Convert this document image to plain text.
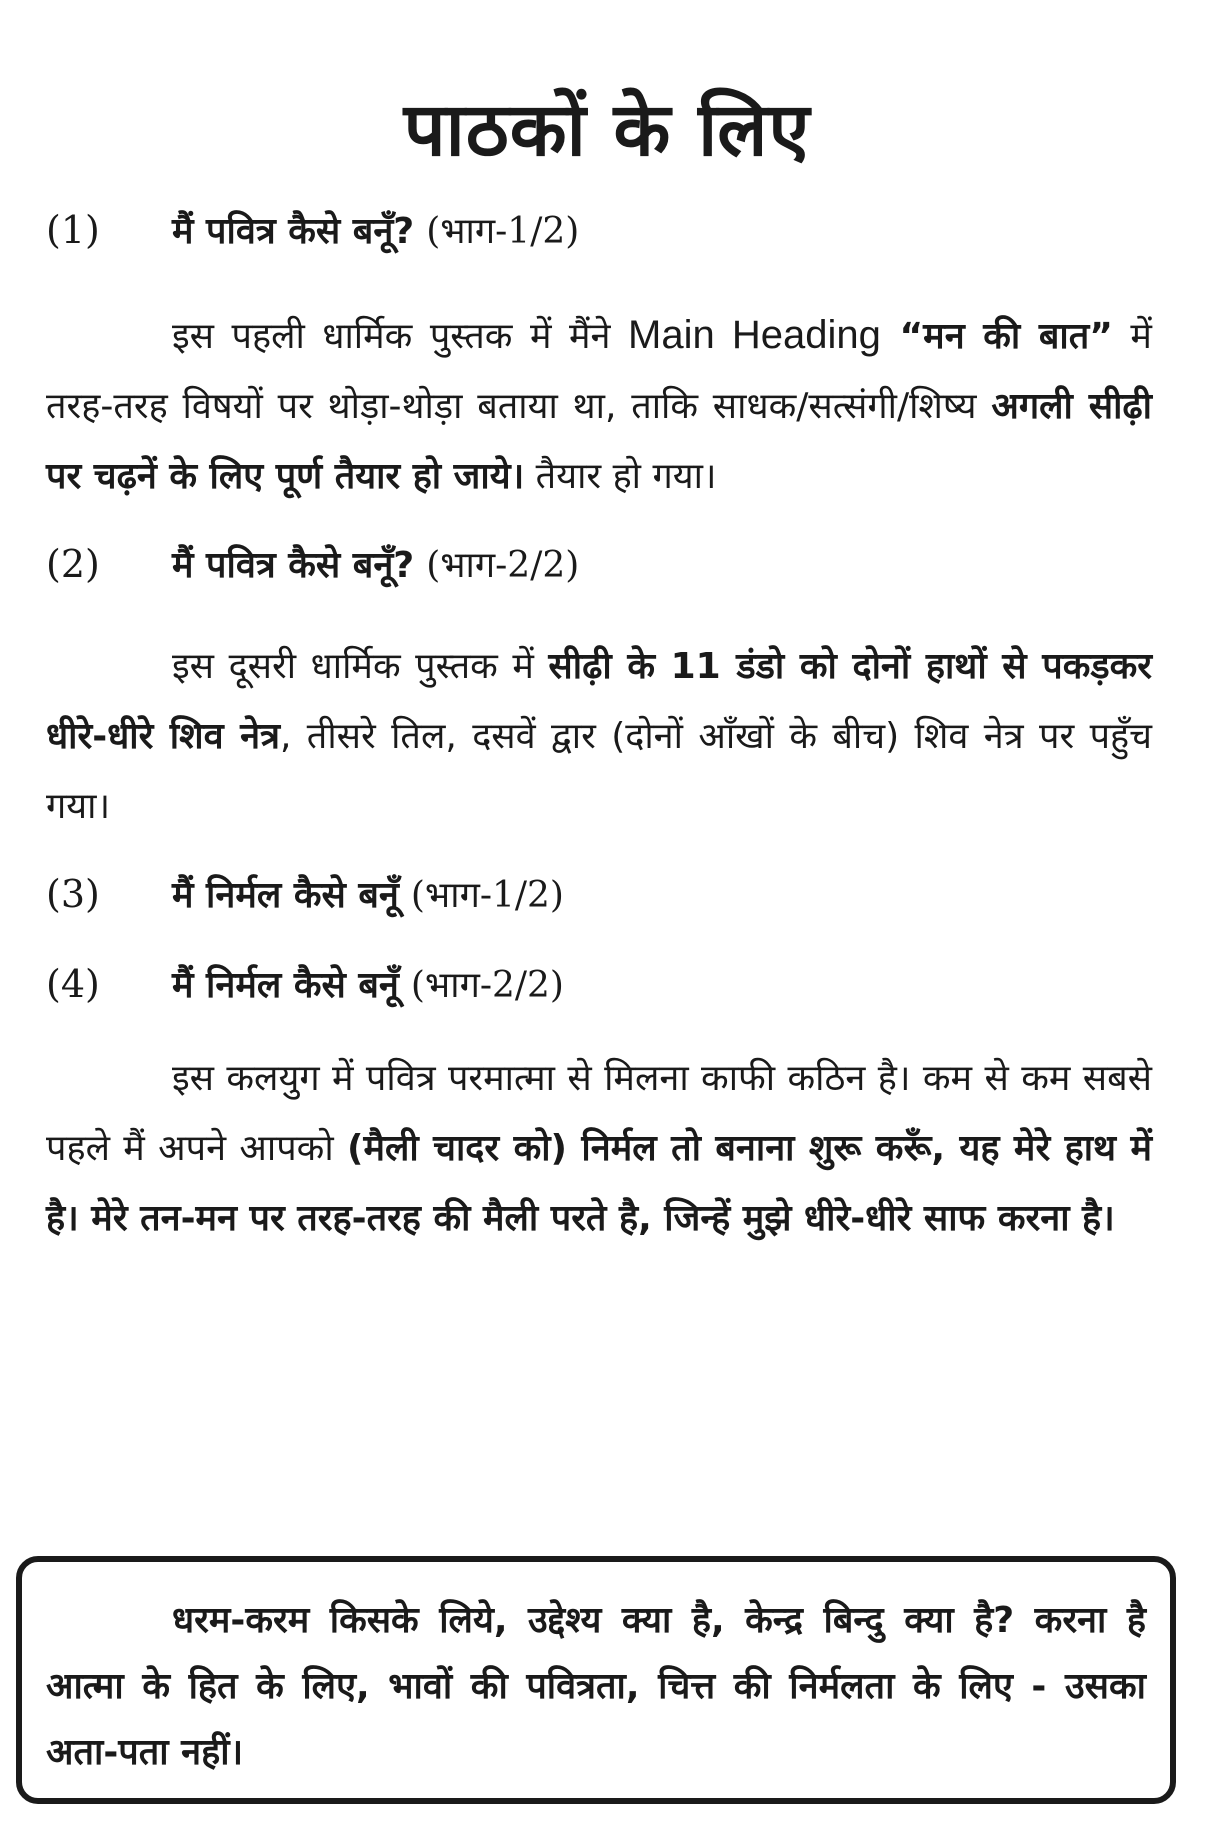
पाठकों के लिए
(1)	मैं पवित्र कैसे बनूँ? (भाग-1/2)

इस पहली धार्मिक पुस्तक में मैंने Main Heading “मन की बात” में तरह-तरह विषयों पर थोड़ा-थोड़ा बताया था, ताकि साधक/सत्संगी/शिष्य अगली सीढ़ी पर चढ़नें के लिए पूर्ण तैयार हो जाये। तैयार हो गया।

(2)	मैं पवित्र कैसे बनूँ? (भाग-2/2)

इस दूसरी धार्मिक पुस्तक में सीढ़ी के 11 डंडो को दोनों हाथों से पकड़कर धीरे-धीरे शिव नेत्र, तीसरे तिल, दसवें द्वार (दोनों आँखों के बीच) शिव नेत्र पर पहुँच गया।

(3)	मैं निर्मल कैसे बनूँ (भाग-1/2)
(4)	मैं निर्मल कैसे बनूँ (भाग-2/2)

इस कलयुग में पवित्र परमात्मा से मिलना काफी कठिन है। कम से कम सबसे पहले मैं अपने आपको (मैली चादर को) निर्मल तो बनाना शुरू करूँ, यह मेरे हाथ में है। मेरे तन-मन पर तरह-तरह की मैली परते है, जिन्हें मुझे धीरे-धीरे साफ करना है।

धरम-करम किसके लिये, उद्देश्य क्या है, केन्द्र बिन्दु क्या है? करना है आत्मा के हित के लिए, भावों की पवित्रता, चित्त की निर्मलता के लिए - उसका अता-पता नहीं।
